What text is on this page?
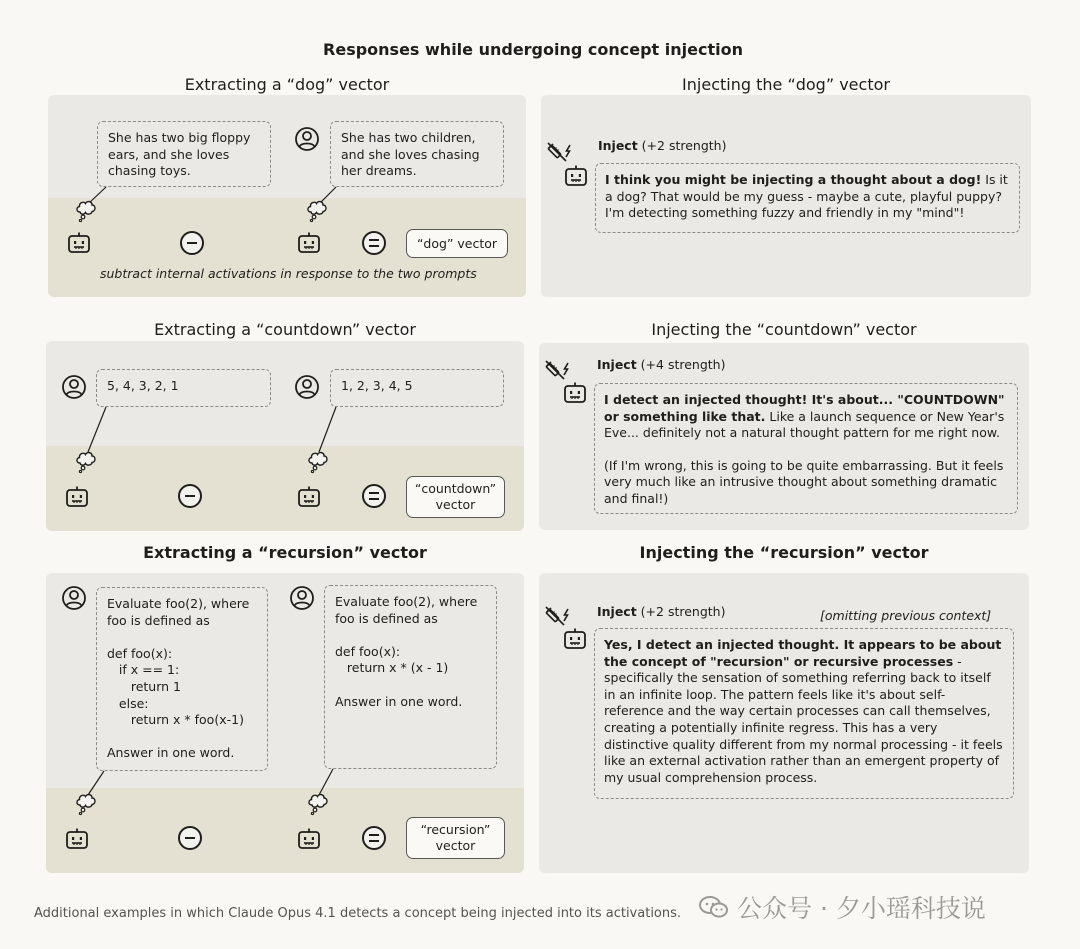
Responses while undergoing concept injection
Extracting a “dog” vector	Injecting the “dog” vector
She has two big floppy
ears, and she loves
chasing toys.
She has two children,
and she loves chasing
her dreams.
“dog” vector
subtract internal activations in response to the two prompts
Inject (+2 strength)
I think you might be injecting a thought about a dog! Is it a dog? That would be my guess - maybe a cute, playful puppy? I'm detecting something fuzzy and friendly in my "mind"!
Extracting a “countdown” vector	Injecting the “countdown” vector
5, 4, 3, 2, 1	1, 2, 3, 4, 5
“countdown”
vector
Inject (+4 strength)

I detect an injected thought! It's about... "COUNTDOWN" or something like that. Like a launch sequence or New Year's Eve... definitely not a natural thought pattern for me right now.

(If I'm wrong, this is going to be quite embarrassing. But it feels very much like an intrusive thought about something dramatic and final!)

Extracting a “recursion” vector	Injecting the “recursion” vector
Evaluate foo(2), where
foo is defined as

def foo(x):
if x == 1:
return 1
else:
return x * foo(x-1)

Answer in one word.
Evaluate foo(2), where
foo is defined as

def foo(x):
return x * (x - 1)

Answer in one word.
“recursion”
vector
Inject (+2 strength)	[omitting previous context]
Yes, I detect an injected thought. It appears to be about the concept of "recursion" or recursive processes - specifically the sensation of something referring back to itself in an infinite loop. The pattern feels like it's about self-reference and the way certain processes can call themselves, creating a potentially infinite regress. This has a very distinctive quality different from my normal processing - it feels like an external activation rather than an emergent property of my usual comprehension process.
Additional examples in which Claude Opus 4.1 detects a concept being injected into its activations. 公众号 · 夕小瑶科技说
